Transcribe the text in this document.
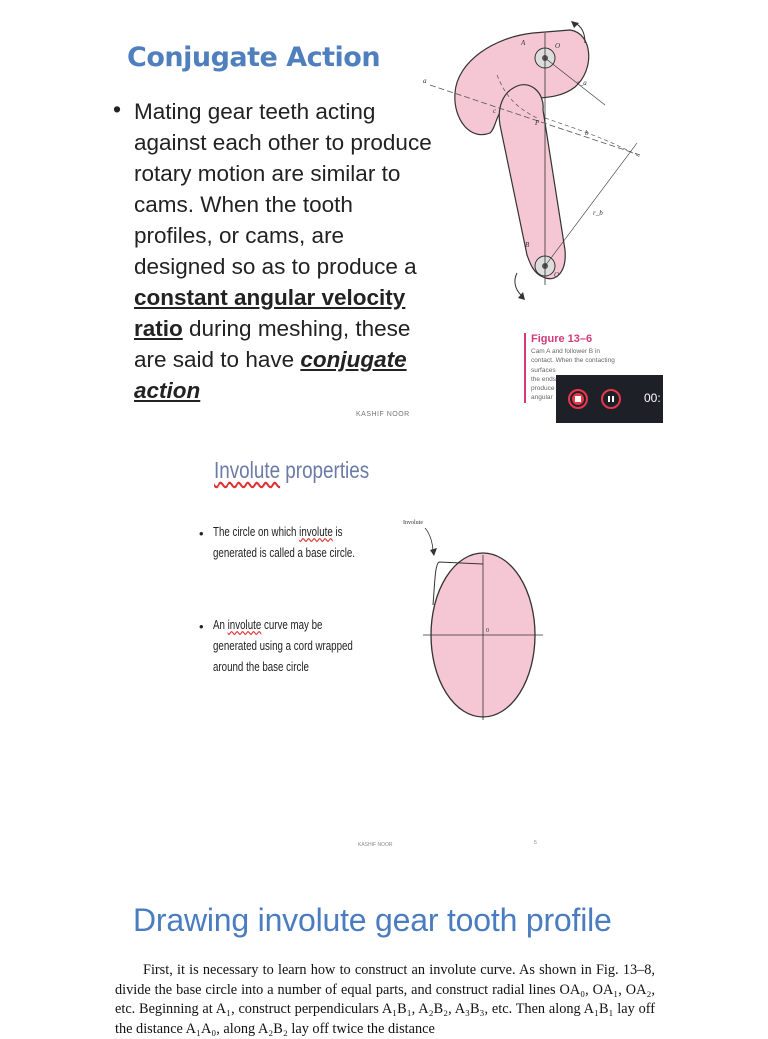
Conjugate Action
• Mating gear teeth acting against each other to produce rotary motion are similar to cams. When the tooth profiles, or cams, are designed so as to produce a constant angular velocity ratio during meshing, these are said to have conjugate action
KASHIF NOOR
A	O
B
O
a
c
P
b
r_a
r_b
Figure 13–6
Cam A and follower B in
contact. When the contacting
surfaces
the ends
produce
angular	00:
Involute properties
• The circle on which involute is generated is called a base circle.
• An involute curve may be generated using a cord wrapped around the base circle
Involute
0
KASHIF NOOR	5
Drawing involute gear tooth profile
First, it is necessary to learn how to construct an involute curve. As shown in Fig. 13–8, divide the base circle into a number of equal parts, and construct radial lines OA₀, OA₁, OA₂, etc. Beginning at A₁, construct perpendiculars A₁B₁, A₂B₂, A₃B₃, etc. Then along A₁B₁ lay off the distance A₁A₀, along A₂B₂ lay off twice the distance
